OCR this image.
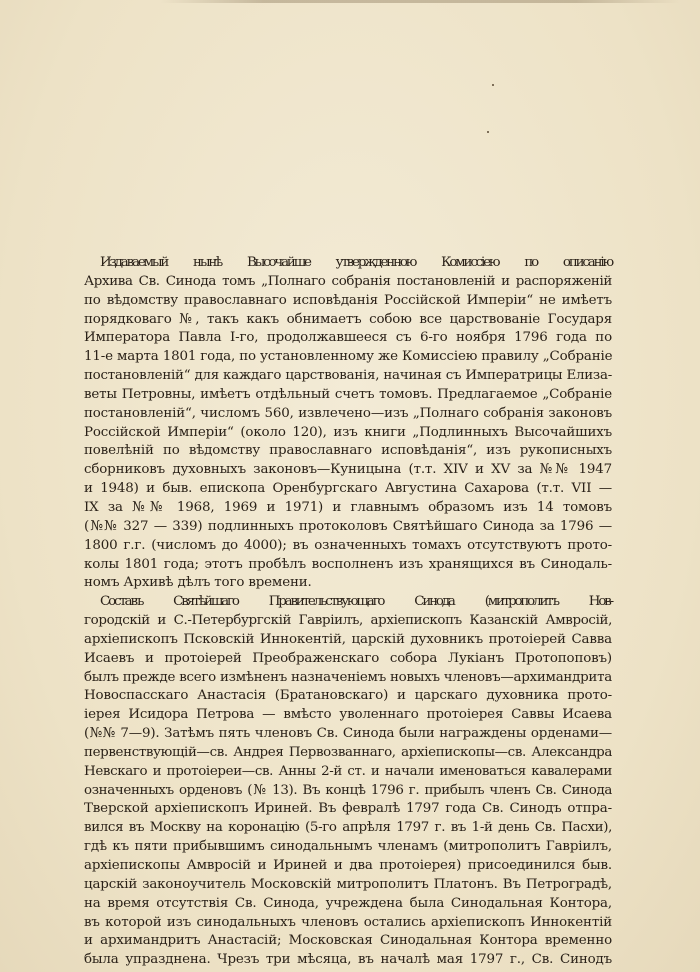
Издаваемый нынѣ Высочайше утвержденною Комиссiею по описанiю
Архива Св. Синода томъ „Полнаго собранiя постановленiй и распоряженiй
по вѣдомству православнаго исповѣданiя Россiйской Имперiи“ не имѣетъ
порядковаго №, такъ какъ обнимаетъ собою все царствованiе Государя
Императора Павла I-го, продолжавшееся съ 6-го ноября 1796 года по
11-е марта 1801 года, по установленному же Комиссiею правилу „Собранiе
постановленiй“ для каждаго царствованiя, начиная съ Императрицы Елиза-
веты Петровны, имѣетъ отдѣльный счетъ томовъ. Предлагаемое „Собранiе
постановленiй“, числомъ 560, извлечено—изъ „Полнаго собранiя законовъ
Россiйской Имперiи“ (около 120), изъ книги „Подлинныхъ Высочайшихъ
повелѣнiй по вѣдомству православнаго исповѣданiя“, изъ рукописныхъ
сборниковъ духовныхъ законовъ—Куницына (т.т. XIV и XV за №№ 1947
и 1948) и быв. епископа Оренбургскаго Августина Сахарова (т.т. VII —
IX за №№ 1968, 1969 и 1971) и главнымъ образомъ изъ 14 томовъ
(№№ 327 — 339) подлинныхъ протоколовъ Святѣйшаго Синода за 1796 —
1800 г.г. (числомъ до 4000); въ означенныхъ томахъ отсутствуютъ прото-
колы 1801 года; этотъ пробѣлъ восполненъ изъ хранящихся въ Синодаль-
номъ Архивѣ дѣлъ того времени.
Составъ Святѣйшаго Правительствующаго Синода (митрополитъ Нов-
городскiй и С.-Петербургскiй Гавріилъ, архiепископъ Казанскiй Амвросій,
архiепископъ Псковскiй Иннокентій, царскiй духовникъ протоiерей Савва
Исаевъ и протоiерей Преображенскаго собора Лукіанъ Протопоповъ)
былъ прежде всего измѣненъ назначенiемъ новыхъ членовъ—архимандрита
Новоспасскаго Анастасія (Братановскаго) и царскаго духовника прото-
iерея Исидора Петрова — вмѣсто уволеннаго протоiерея Саввы Исаева
(№№ 7—9). Затѣмъ пять членовъ Св. Синода были награждены орденами—
первенствующiй—св. Андрея Первозваннаго, архiепископы—св. Александра
Невскаго и протоiереи—св. Анны 2-й ст. и начали именоваться кавалерами
означенныхъ орденовъ (№ 13). Въ концѣ 1796 г. прибылъ членъ Св. Синода
Тверской архiепископъ Ириней. Въ февралѣ 1797 года Св. Синодъ отпра-
вился въ Москву на коронацiю (5-го апрѣля 1797 г. въ 1-й день Св. Пасхи),
гдѣ къ пяти прибывшимъ синодальнымъ членамъ (митрополитъ Гавріилъ,
архiепископы Амвросiй и Ириней и два протоiерея) присоединился быв.
царскiй законоучитель Московскiй митрополитъ Платонъ. Въ Петроградѣ,
на время отсутствiя Св. Синода, учреждена была Синодальная Контора,
въ которой изъ синодальныхъ членовъ остались архiепископъ Иннокентiй
и архимандритъ Анастасiй; Московская Синодальная Контора временно
была упразднена. Чрезъ три мѣсяца, въ началѣ мая 1797 г., Св. Синодъ
